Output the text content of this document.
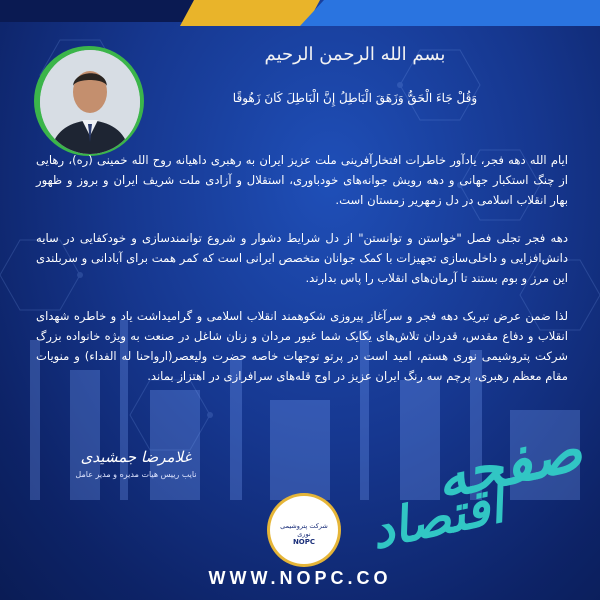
بسم الله الرحمن الرحیم
وَقُلْ جَاءَ الْحَقُّ وَزَهَقَ الْبَاطِلُ إِنَّ الْبَاطِلَ كَانَ زَهُوقًا

ایام الله دهه فجر، یادآور خاطرات افتخارآفرینی ملت عزیز ایران به رهبری داهیانه روح الله خمینی (ره)، رهایی از چنگ استکبار جهانی و دهه رویش جوانه‌های خودباوری، استقلال و آزادی ملت شریف ایران و بروز و ظهور بهار انقلاب اسلامی در دل زمهریر زمستان است.

دهه فجر تجلی فصل "خواستن و توانستن" از دل شرایط دشوار و شروع توانمندسازی و خودکفایی در سایه دانش‌افزایی و داخلی‌سازی تجهیزات با کمک جوانان متخصص ایرانی است که کمر همت برای آبادانی و سربلندی این مرز و بوم بستند تا آرمان‌های انقلاب را پاس بدارند.

لذا ضمن عرض تبریک دهه فجر و سرآغاز پیروزی شکوهمند انقلاب اسلامی و گرامیداشت یاد و خاطره شهدای انقلاب و دفاع مقدس، قدردان تلاش‌های یکایک شما غیور مردان و زنان شاغل در صنعت به ویژه خانواده بزرگ شرکت پتروشیمی نوری هستم، امید است در پرتو توجهات خاصه حضرت ولیعصر(ارواحنا له الفداء) و منویات مقام معظم رهبری، پرچم سه رنگ ایران عزیز در اوج قله‌های سرافرازی در اهتزاز بماند.

غلامرضا جمشیدی
نایب رییس هیات مدیره و مدیر عامل	صفحه
اقتصاد
شرکت پتروشیمی نوری
NOPC
WWW.NOPC.CO
